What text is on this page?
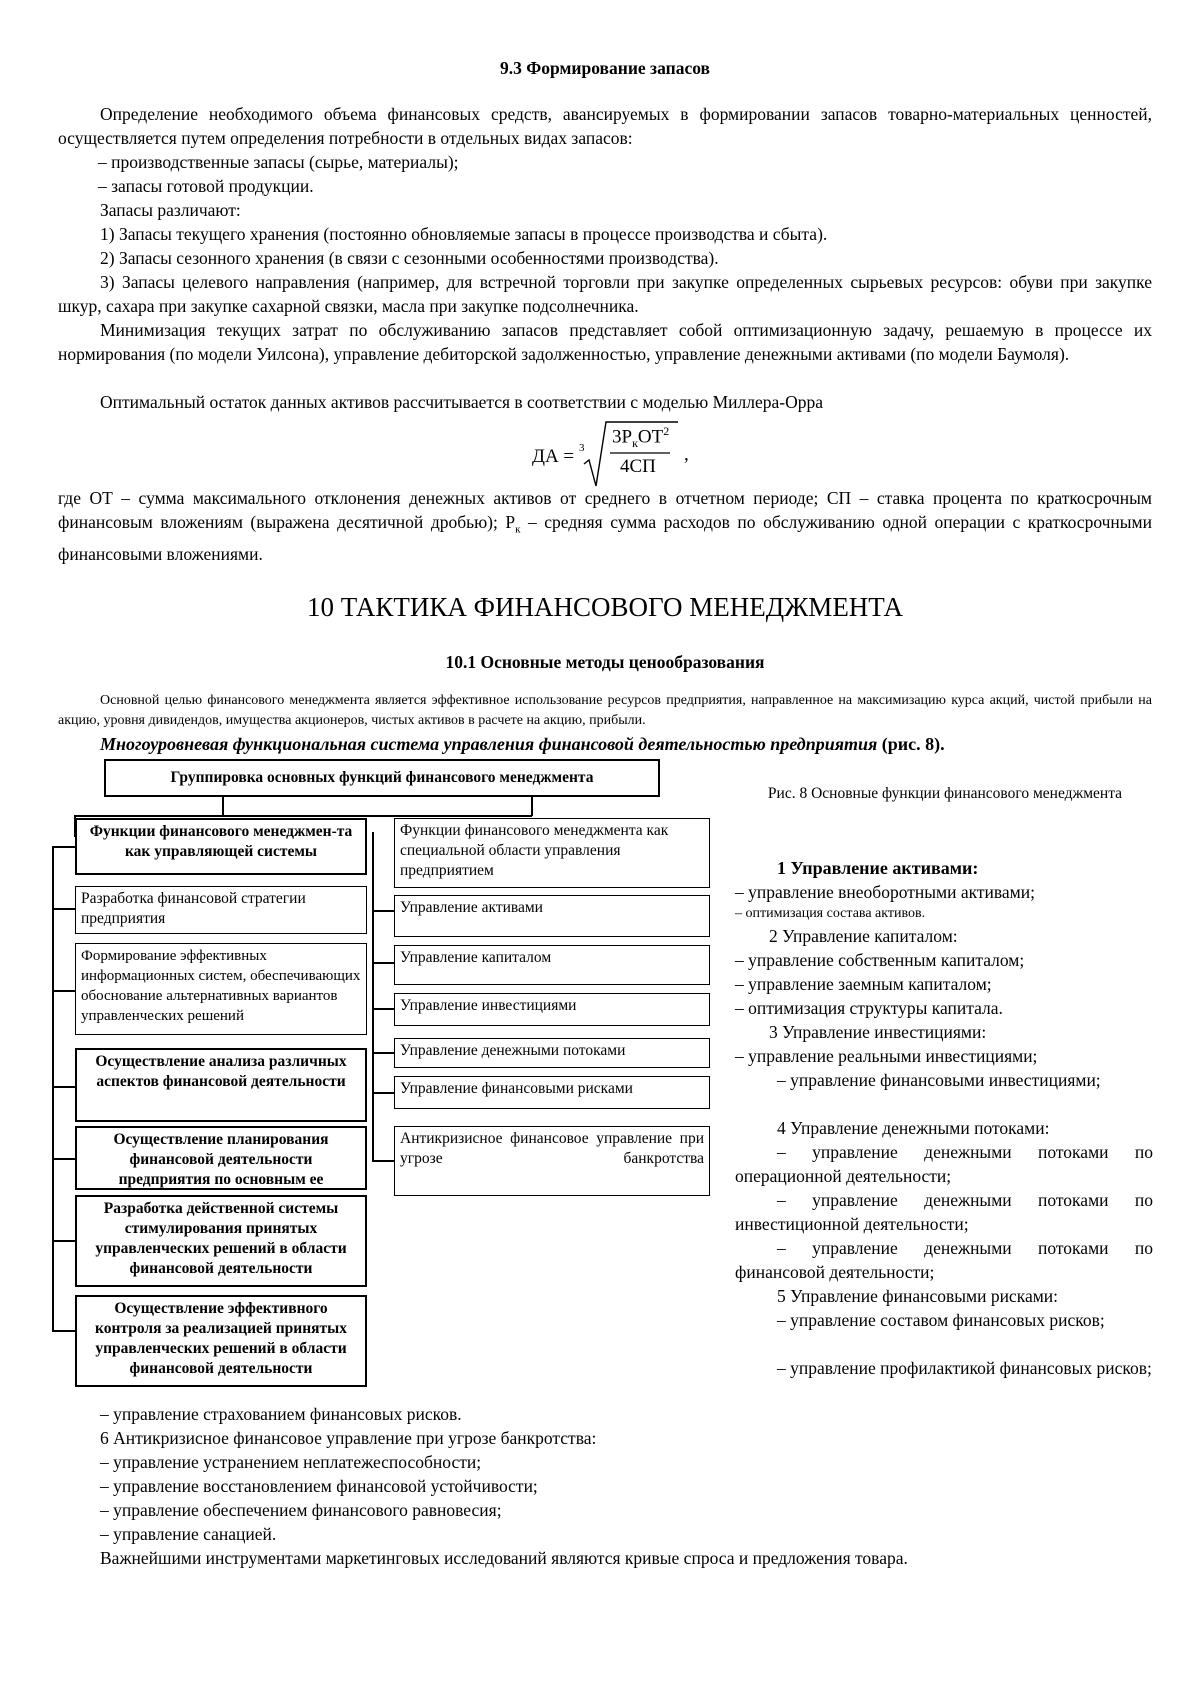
9.3 Формирование запасов

Определение необходимого объема финансовых средств, авансируемых в формировании запасов товарно-материальных ценностей, осуществляется путем определения потребности в отдельных видах запасов:

– производственные запасы (сырье, материалы);

– запасы готовой продукции.

Запасы различают:

1) Запасы текущего хранения (постоянно обновляемые запасы в процессе производства и сбыта).

2) Запасы сезонного хранения (в связи с сезонными особенностями производства).

3) Запасы целевого направления (например, для встречной торговли при закупке определенных сырьевых ресурсов: обуви при закупке шкур, сахара при закупке сахарной связки, масла при закупке подсолнечника.

Минимизация текущих затрат по обслуживанию запасов представляет собой оптимизационную задачу, решаемую в процессе их нормирования (по модели Уилсона), управление дебиторской задолженностью, управление денежными активами (по модели Баумоля).

Оптимальный остаток данных активов рассчитывается в соответствии с моделью Миллера-Орра

ДА = 3
$3Р_кОТ^2$
4СП
,

где ОТ – сумма максимального отклонения денежных активов от среднего в отчетном периоде; СП – ставка процента по краткосрочным финансовым вложениям (выражена десятичной дробью); $Р_к$ – средняя сумма расходов по обслуживанию одной операции с краткосрочными финансовыми вложениями.

10 ТАКТИКА ФИНАНСОВОГО МЕНЕДЖМЕНТА
10.1 Основные методы ценообразования

Основной целью финансового менеджмента является эффективное использование ресурсов предприятия, направленное на максимизацию курса акций, чистой прибыли на акцию, уровня дивидендов, имущества акционеров, чистых активов в расчете на акцию, прибыли.

Многоуровневая функциональная система управления финансовой деятельностью предприятия (рис. 8).

Группировка основных функций финансового менеджмента
Функции финансового менеджмен-та как управляющей системы
Разработка финансовой стратегии предприятия
Формирование эффективных информационных систем, обеспечивающих обоснование альтернативных вариантов управленческих решений
Осуществление анализа различных аспектов финансовой деятельности
Осуществление планирования финансовой деятельности предприятия по основным ее
Разработка действенной системы стимулирования принятых управленческих решений в области финансовой деятельности
Осуществление эффективного контроля за реализацией принятых управленческих решений в области финансовой деятельности
Функции финансового менеджмента как специальной области управления предприятием
Управление активами
Управление капиталом
Управление инвестициями
Управление денежными потоками
Управление финансовыми рисками
Антикризисное финансовое управление при угрозе банкротства
Рис. 8 Основные функции финансового менеджмента
1 Управление активами:
– управление внеоборотными активами;
– оптимизация состава активов.
2 Управление капиталом:
– управление собственным капиталом;
– управление заемным капиталом;
– оптимизация структуры капитала.
3 Управление инвестициями:
– управление реальными инвестициями;
– управление финансовыми инвестициями;
4 Управление денежными потоками:
– управление денежными потоками по операционной деятельности;
– управление денежными потоками по инвестиционной деятельности;
– управление денежными потоками по финансовой деятельности;
5 Управление финансовыми рисками:
– управление составом финансовых рисков;
– управление профилактикой финансовых рисков;

– управление страхованием финансовых рисков.

6 Антикризисное финансовое управление при угрозе банкротства:

– управление устранением неплатежеспособности;

– управление восстановлением финансовой устойчивости;

– управление обеспечением финансового равновесия;

– управление санацией.

Важнейшими инструментами маркетинговых исследований являются кривые спроса и предложения товара.
